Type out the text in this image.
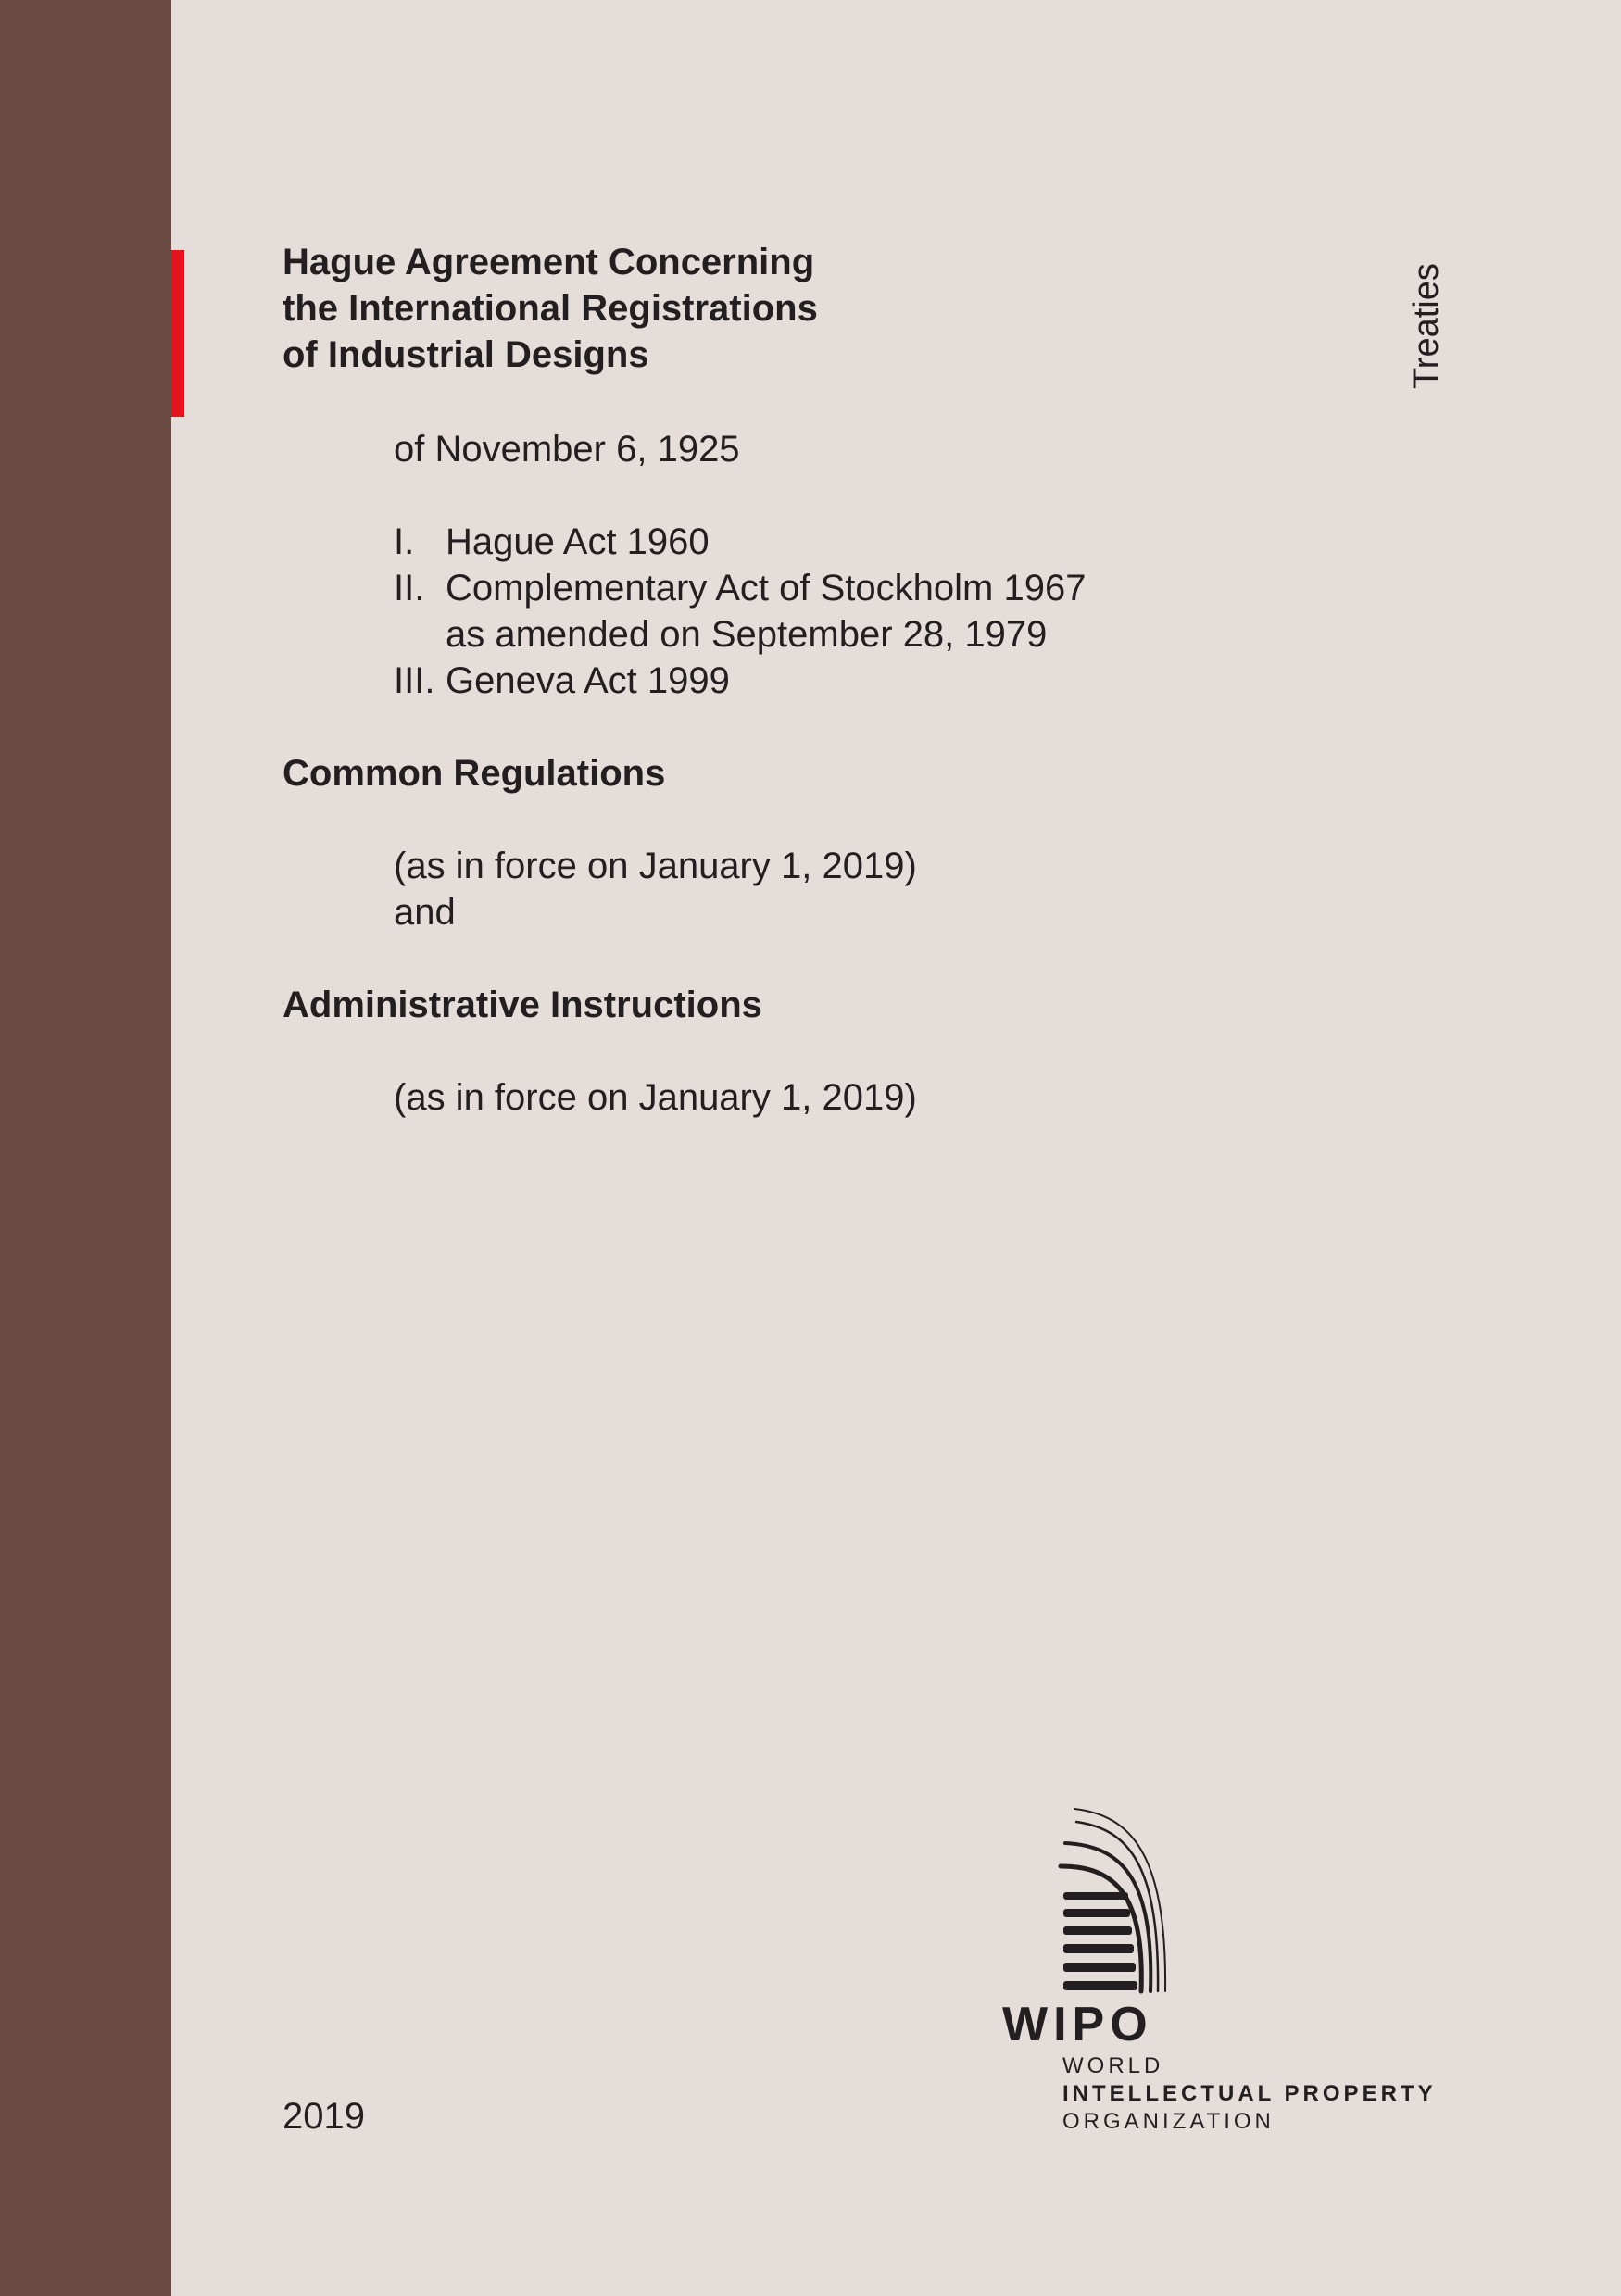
Hague Agreement Concerning
the International Registrations
of Industrial Designs	Treaties

of November 6, 1925

I. Hague Act 1960
II. Complementary Act of Stockholm 1967
as amended on September 28, 1979
III. Geneva Act 1999
Common Regulations

(as in force on January 1, 2019)

and

Administrative Instructions

(as in force on January 1, 2019)

2019
WIPO
WORLD
INTELLECTUAL PROPERTY
ORGANIZATION
